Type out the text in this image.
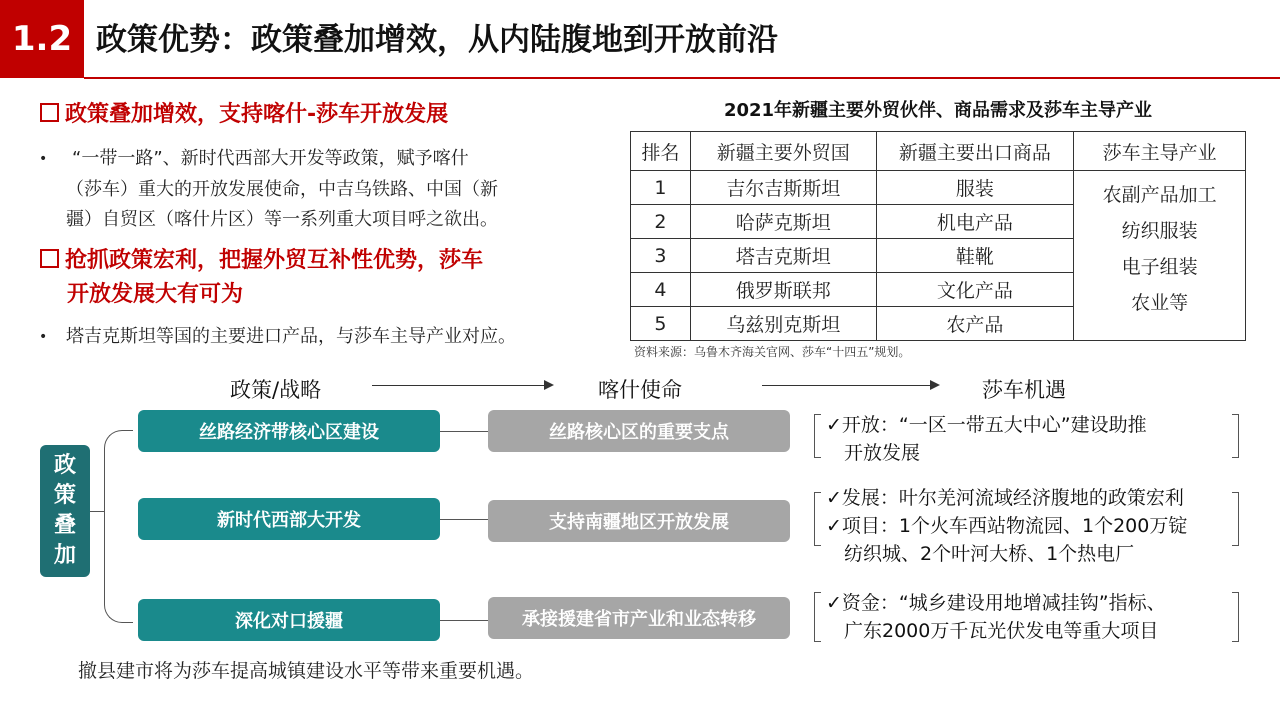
1.2 政策优势：政策叠加增效，从内陆腹地到开放前沿
政策叠加增效，支持喀什-莎车开放发展
•	“一带一路”、新时代西部大开发等政策，赋予喀什
（莎车）重大的开放发展使命，中吉乌铁路、中国（新
疆）自贸区（喀什片区）等一系列重大项目呼之欲出。
抢抓政策宏利，把握外贸互补性优势，莎车
开放发展大有可为
• 塔吉克斯坦等国的主要进口产品，与莎车主导产业对应。
2021年新疆主要外贸伙伴、商品需求及莎车主导产业
排名	新疆主要外贸国	新疆主要出口商品	莎车主导产业
1	吉尔吉斯斯坦	服装	农副产品加工
纺织服装
电子组装
农业等

2	哈萨克斯坦	机电产品	
3	塔吉克斯坦	鞋靴	
4	俄罗斯联邦	文化产品	
5	乌兹别克斯坦	农产品	
资料来源：乌鲁木齐海关官网、莎车“十四五”规划。
政策/战略	喀什使命	莎车机遇
政
策
叠
加
丝路经济带核心区建设	丝路核心区的重要支点	✓开放：“一区一带五大中心”建设助推
开放发展
新时代西部大开发	支持南疆地区开放发展
✓发展：叶尔羌河流域经济腹地的政策宏利
✓项目：1个火车西站物流园、1个200万锭
纺织城、2个叶河大桥、1个热电厂
深化对口援疆	承接援建省市产业和业态转移
✓资金：“城乡建设用地增减挂钩”指标、
广东2000万千瓦光伏发电等重大项目
撤县建市将为莎车提高城镇建设水平等带来重要机遇。
